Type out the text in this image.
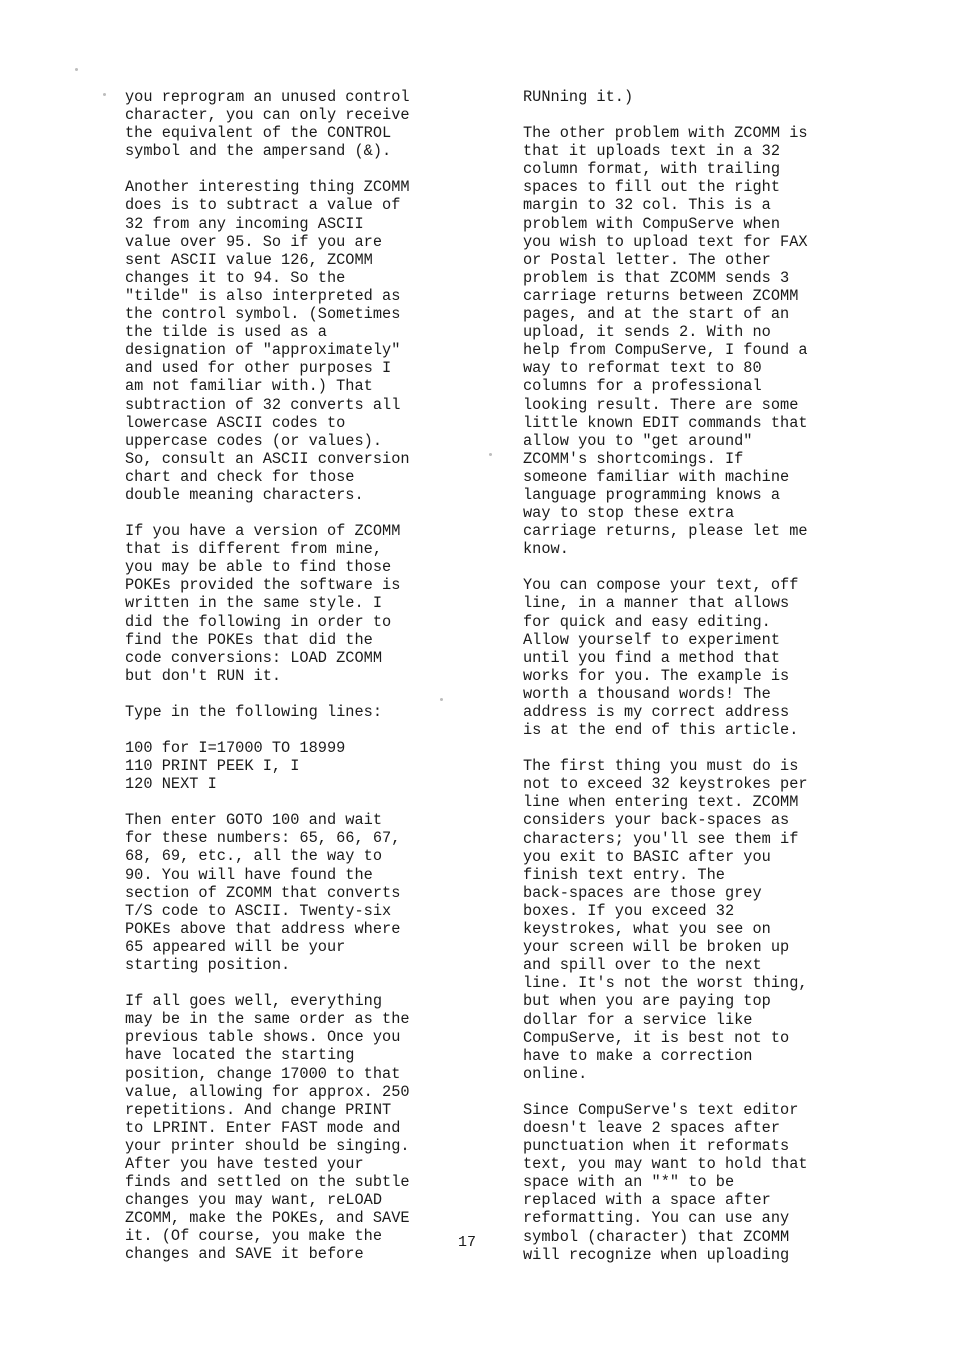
you reprogram an unused control
character, you can only receive
the equivalent of the CONTROL
symbol and the ampersand (&).

Another interesting thing ZCOMM
does is to subtract a value of
32 from any incoming ASCII
value over 95. So if you are
sent ASCII value 126, ZCOMM
changes it to 94. So the
"tilde" is also interpreted as
the control symbol. (Sometimes
the tilde is used as a
designation of "approximately"
and used for other purposes I
am not familiar with.) That
subtraction of 32 converts all
lowercase ASCII codes to
uppercase codes (or values).
So, consult an ASCII conversion
chart and check for those
double meaning characters.

If you have a version of ZCOMM
that is different from mine,
you may be able to find those
POKEs provided the software is
written in the same style. I
did the following in order to
find the POKEs that did the
code conversions: LOAD ZCOMM
but don't RUN it.

Type in the following lines:

100 for I=17000 TO 18999
110 PRINT PEEK I, I
120 NEXT I

Then enter GOTO 100 and wait
for these numbers: 65, 66, 67,
68, 69, etc., all the way to
90. You will have found the
section of ZCOMM that converts
T/S code to ASCII. Twenty-six
POKEs above that address where
65 appeared will be your
starting position.

If all goes well, everything
may be in the same order as the
previous table shows. Once you
have located the starting
position, change 17000 to that
value, allowing for approx. 250
repetitions. And change PRINT
to LPRINT. Enter FAST mode and
your printer should be singing.
After you have tested your
finds and settled on the subtle
changes you may want, reLOAD
ZCOMM, make the POKEs, and SAVE
it. (Of course, you make the
changes and SAVE it before

RUNning it.)

The other problem with ZCOMM is
that it uploads text in a 32
column format, with trailing
spaces to fill out the right
margin to 32 col. This is a
problem with CompuServe when
you wish to upload text for FAX
or Postal letter. The other
problem is that ZCOMM sends 3
carriage returns between ZCOMM
pages, and at the start of an
upload, it sends 2. With no
help from CompuServe, I found a
way to reformat text to 80
columns for a professional
looking result. There are some
little known EDIT commands that
allow you to "get around"
ZCOMM's shortcomings. If
someone familiar with machine
language programming knows a
way to stop these extra
carriage returns, please let me
know.

You can compose your text, off
line, in a manner that allows
for quick and easy editing.
Allow yourself to experiment
until you find a method that
works for you. The example is
worth a thousand words! The
address is my correct address
is at the end of this article.

The first thing you must do is
not to exceed 32 keystrokes per
line when entering text. ZCOMM
considers your back-spaces as
characters; you'll see them if
you exit to BASIC after you
finish text entry. The
back-spaces are those grey
boxes. If you exceed 32
keystrokes, what you see on
your screen will be broken up
and spill over to the next
line. It's not the worst thing,
but when you are paying top
dollar for a service like
CompuServe, it is best not to
have to make a correction
online.

Since CompuServe's text editor
doesn't leave 2 spaces after
punctuation when it reformats
text, you may want to hold that
space with an "*" to be
replaced with a space after
reformatting. You can use any
symbol (character) that ZCOMM
will recognize when uploading

17
